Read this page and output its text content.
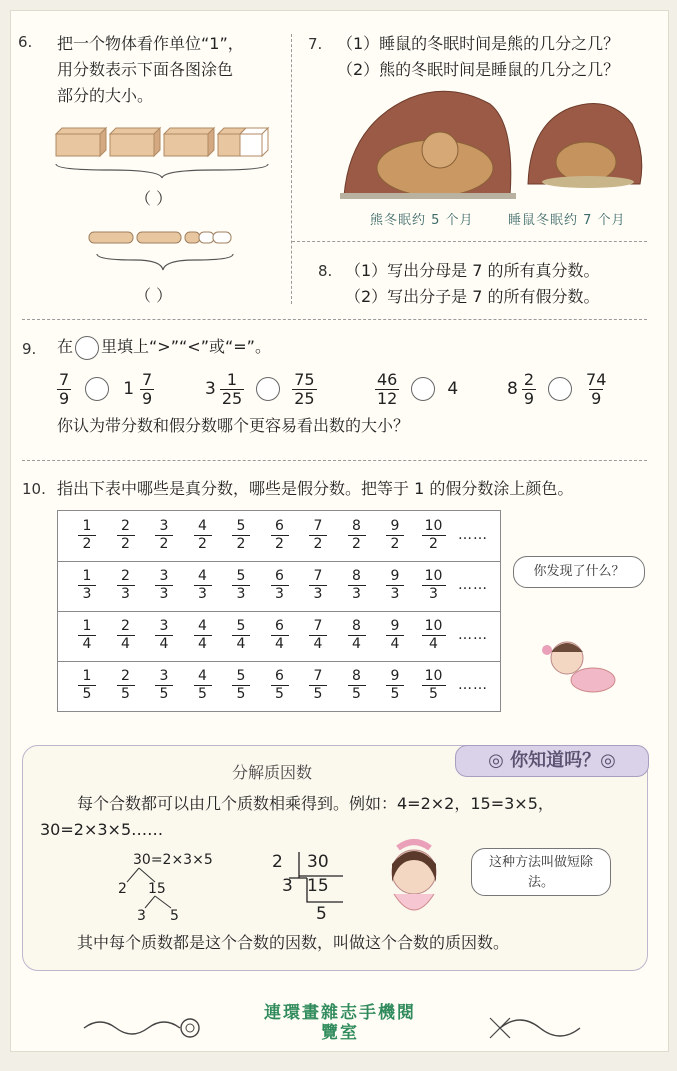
6. 把一个物体看作单位“1”，
用分数表示下面各图涂色
部分的大小。
（ ）
（ ）
7. （1）睡鼠的冬眠时间是熊的几分之几？
（2）熊的冬眠时间是睡鼠的几分之几？
熊冬眠约 5 个月	睡鼠冬眠约 7 个月
8. （1）写出分母是 7 的所有真分数。
（2）写出分子是 7 的所有假分数。
9. 在 里填上“>”“<”或“=”。
$\frac{7}{9}$	$1 \frac{7}{9}$	$3 \frac{1}{25}$	$\frac{75}{25}$	$\frac{46}{12}$	4	$8 \frac{2}{9}$	$\frac{74}{9}$
你认为带分数和假分数哪个更容易看出数的大小？
10. 指出下表中哪些是真分数，哪些是假分数。把等于 1 的假分数涂上颜色。
$\frac{1}{2} \frac{2}{2} \frac{3}{2} \frac{4}{2} \frac{5}{2} \frac{6}{2} \frac{7}{2} \frac{8}{2} \frac{9}{2} \frac{10}{2}$ ……
$\frac{1}{3} \frac{2}{3} \frac{3}{3} \frac{4}{3} \frac{5}{3} \frac{6}{3} \frac{7}{3} \frac{8}{3} \frac{9}{3} \frac{10}{3}$ ……
$\frac{1}{4} \frac{2}{4} \frac{3}{4} \frac{4}{4} \frac{5}{4} \frac{6}{4} \frac{7}{4} \frac{8}{4} \frac{9}{4} \frac{10}{4}$ ……
$\frac{1}{5} \frac{2}{5} \frac{3}{5} \frac{4}{5} \frac{5}{5} \frac{6}{5} \frac{7}{5} \frac{8}{5} \frac{9}{5} \frac{10}{5}$ ……
你发现了什么？
◎ 你知道吗？◎
分解质因数
每个合数都可以由几个质数相乘得到。例如：4=2×2，15=3×5，
30=2×3×5……
30=2×3×5
2 15
3 5
2 30
3 15
5
这种方法叫做短除法。
其中每个质数都是这个合数的因数，叫做这个合数的质因数。
連環畫雜志手機閱
覽室
